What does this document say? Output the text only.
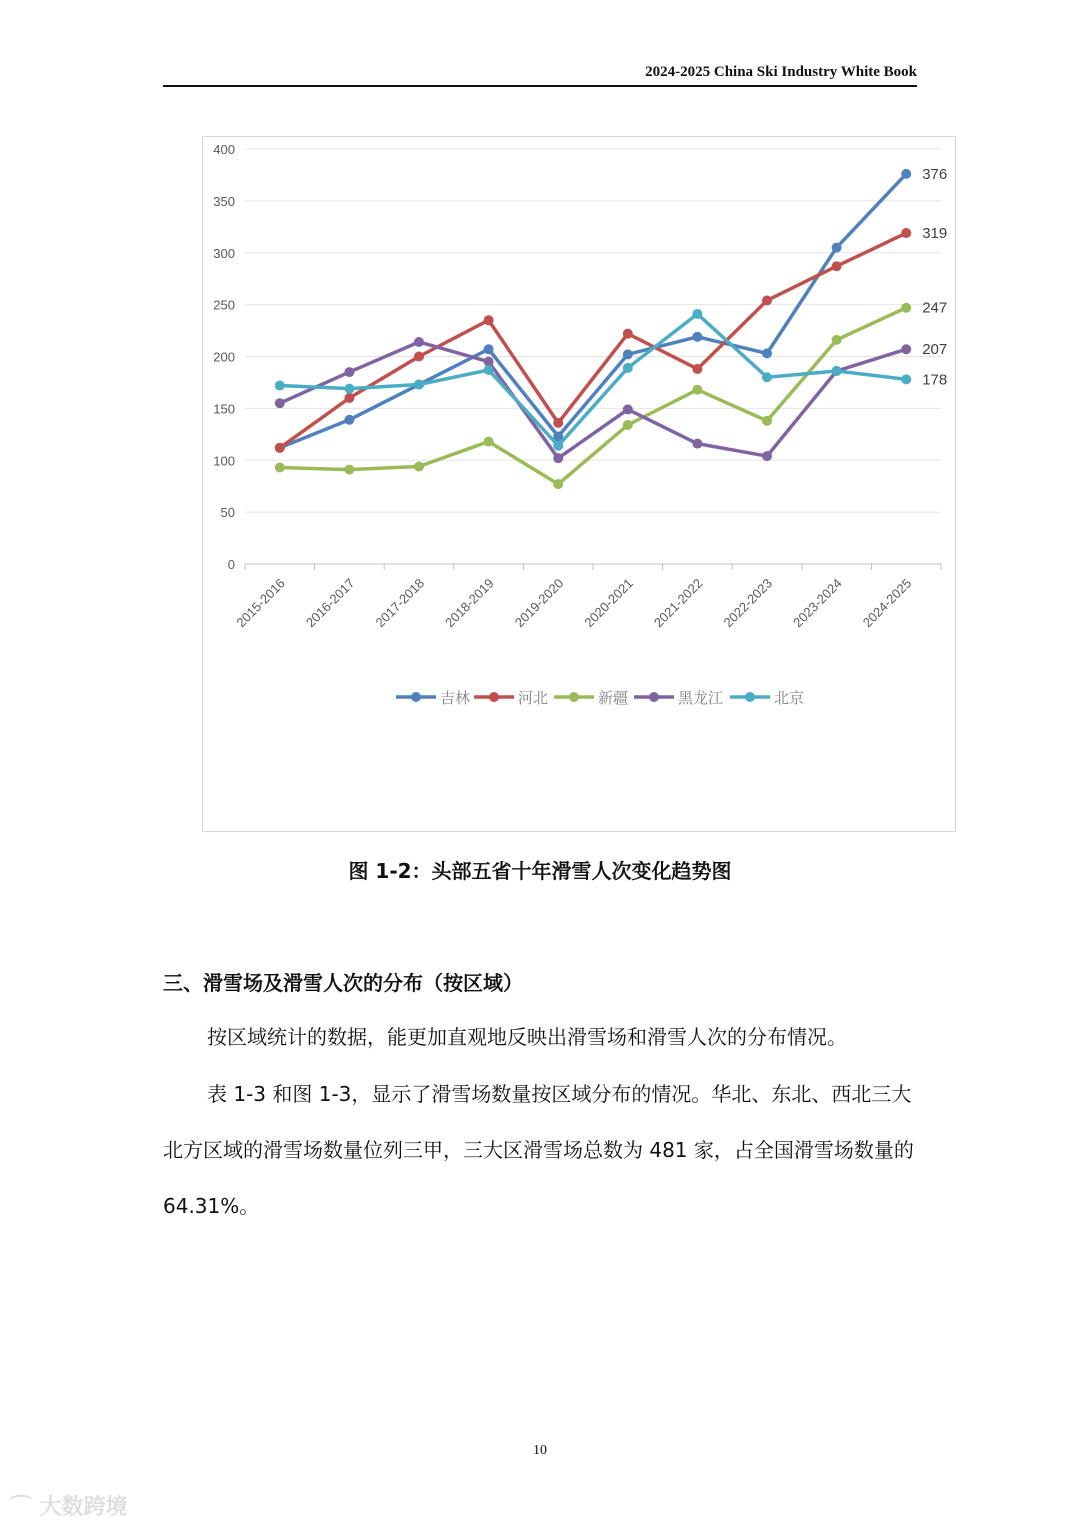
2024-2025 China Ski Industry White Book
0
50
100
150
200
250
300
350
400
2015-2016 2016-2017 2017-2018 2018-2019 2019-2020 2020-2021 2021-2022 2022-2023 2023-2024 2024-2025
376
319
247
207
178
吉林	河北	新疆	黑龙江	北京
图 1-2：头部五省十年滑雪人次变化趋势图
三、滑雪场及滑雪人次的分布（按区域）
按区域统计的数据，能更加直观地反映出滑雪场和滑雪人次的分布情况。
表 1-3 和图 1-3，显示了滑雪场数量按区域分布的情况。华北、东北、西北三大北方区域的滑雪场数量位列三甲，三大区滑雪场总数为 481 家，占全国滑雪场数量的 64.31%。
10
⌒ 大数跨境
